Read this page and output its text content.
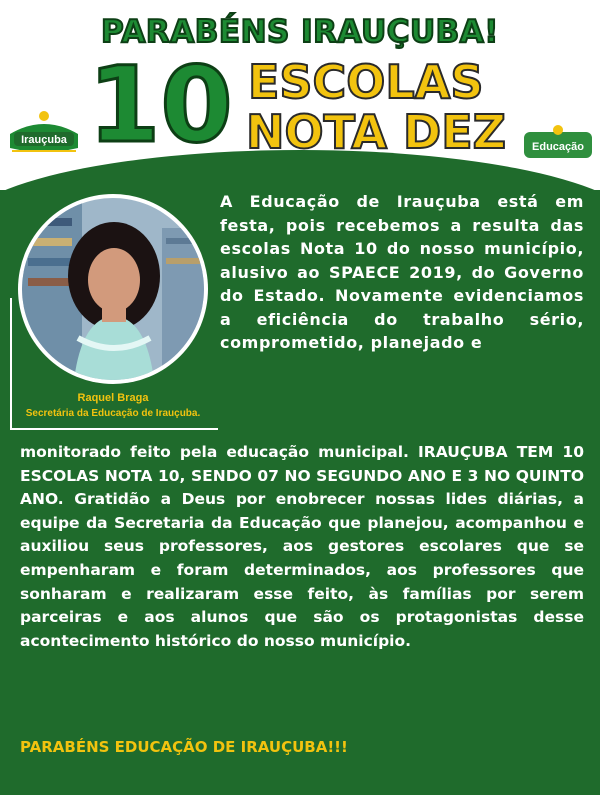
PARABÉNS IRAUÇUBA!
10 ESCOLAS
NOTA DEZ
Irauçuba
Educação
Raquel Braga
Secretária da Educação de Irauçuba.
A Educação de Irauçuba está em festa, pois recebemos a resulta das escolas Nota 10 do nosso município, alusivo ao SPAECE 2019, do Governo do Estado. Novamente evidenciamos a eficiência do trabalho sério, comprometido, planejado e
monitorado feito pela educação municipal. IRAUÇUBA TEM 10 ESCOLAS NOTA 10, SENDO 07 NO SEGUNDO ANO E 3 NO QUINTO ANO. Gratidão a Deus por enobrecer nossas lides diárias, a equipe da Secretaria da Educação que planejou, acompanhou e auxiliou seus professores, aos gestores escolares que se empenharam e foram determinados, aos professores que sonharam e realizaram esse feito, às famílias por serem parceiras e aos alunos que são os protagonistas desse acontecimento histórico do nosso município.
PARABÉNS EDUCAÇÃO DE IRAUÇUBA!!!
